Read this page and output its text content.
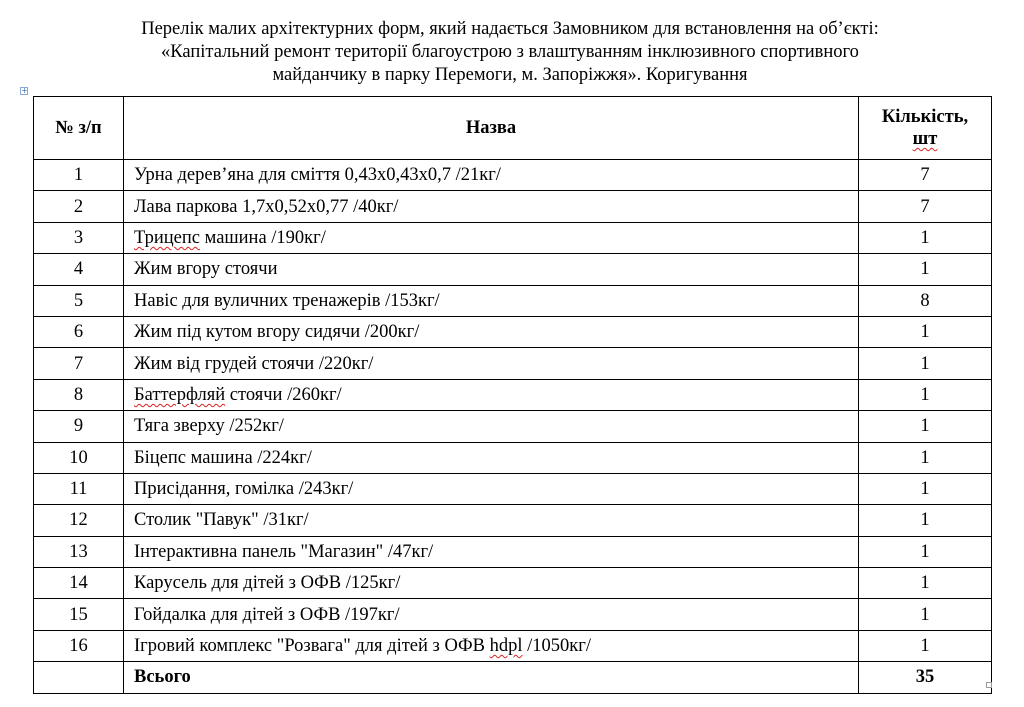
Перелік малих архітектурних форм, який надається Замовником для встановлення на об’єкті:
«Капітальний ремонт території благоустрою з влаштуванням інклюзивного спортивного
майданчику в парку Перемоги, м. Запоріжжя». Коригування
+
№ з/п	Назва	Кількість,
шт

1	Урна дерев’яна для сміття 0,43х0,43х0,7 /21кг/	7
2	Лава паркова 1,7х0,52х0,77 /40кг/	7
3	Трицепс машина /190кг/	1
4	Жим вгору стоячи	1
5	Навіс для вуличних тренажерів /153кг/	8
6	Жим під кутом вгору сидячи /200кг/	1
7	Жим від грудей стоячи /220кг/	1
8	Баттерфляй стоячи /260кг/	1
9	Тяга зверху /252кг/	1
10	Біцепс машина /224кг/	1
11	Присідання, гомілка /243кг/	1
12	Столик "Павук" /31кг/	1
13	Інтерактивна панель "Магазин" /47кг/	1
14	Карусель для дітей з ОФВ /125кг/	1
15	Гойдалка для дітей з ОФВ /197кг/	1
16	Ігровий комплекс "Розвага" для дітей з ОФВ hdpl /1050кг/	1
	Всього	35
